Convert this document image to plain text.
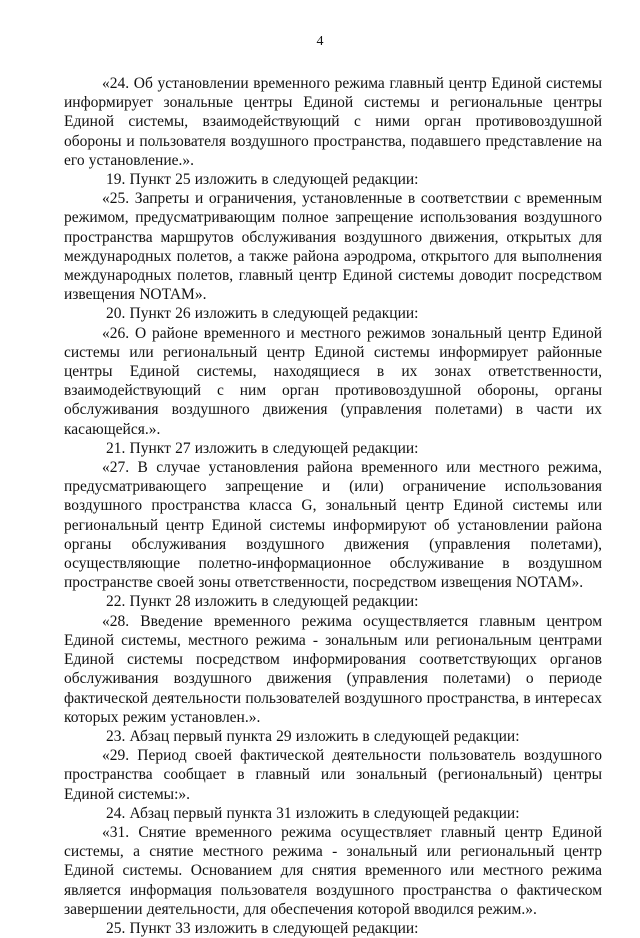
4

«24. Об установлении временного режима главный центр Единой системы информирует зональные центры Единой системы и региональные центры Единой системы, взаимодействующий с ними орган противовоздушной обороны и пользователя воздушного пространства, подавшего представление на его установление.».

19. Пункт 25 изложить в следующей редакции:

«25. Запреты и ограничения, установленные в соответствии с временным режимом, предусматривающим полное запрещение использования воздушного пространства маршрутов обслуживания воздушного движения, открытых для международных полетов, а также района аэродрома, открытого для выполнения международных полетов, главный центр Единой системы доводит посредством извещения NOTAM».

20. Пункт 26 изложить в следующей редакции:

«26. О районе временного и местного режимов зональный центр Единой системы или региональный центр Единой системы информирует районные центры Единой системы, находящиеся в их зонах ответственности, взаимодействующий с ним орган противовоздушной обороны, органы обслуживания воздушного движения (управления полетами) в части их касающейся.».

21. Пункт 27 изложить в следующей редакции:

«27. В случае установления района временного или местного режима, предусматривающего запрещение и (или) ограничение использования воздушного пространства класса G, зональный центр Единой системы или региональный центр Единой системы информируют об установлении района органы обслуживания воздушного движения (управления полетами), осуществляющие полетно-информационное обслуживание в воздушном пространстве своей зоны ответственности, посредством извещения NOTAM».

22. Пункт 28 изложить в следующей редакции:

«28. Введение временного режима осуществляется главным центром Единой системы, местного режима - зональным или региональным центрами Единой системы посредством информирования соответствующих органов обслуживания воздушного движения (управления полетами) о периоде фактической деятельности пользователей воздушного пространства, в интересах которых режим установлен.».

23. Абзац первый пункта 29 изложить в следующей редакции:

«29. Период своей фактической деятельности пользователь воздушного пространства сообщает в главный или зональный (региональный) центры Единой системы:».

24. Абзац первый пункта 31 изложить в следующей редакции:

«31. Снятие временного режима осуществляет главный центр Единой системы, а снятие местного режима - зональный или региональный центр Единой системы. Основанием для снятия временного или местного режима является информация пользователя воздушного пространства о фактическом завершении деятельности, для обеспечения которой вводился режим.».

25. Пункт 33 изложить в следующей редакции:
